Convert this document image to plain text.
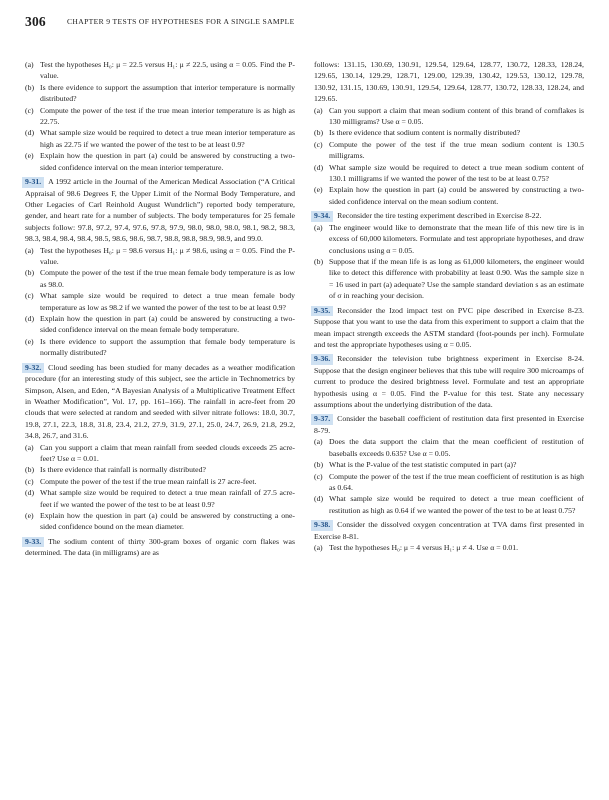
306	CHAPTER 9 TESTS OF HYPOTHESES FOR A SINGLE SAMPLE
(a) Test the hypotheses H₀: μ = 22.5 versus H₁: μ ≠ 22.5, using α = 0.05. Find the P-value.
(b) Is there evidence to support the assumption that interior temperature is normally distributed?
(c) Compute the power of the test if the true mean interior temperature is as high as 22.75.
(d) What sample size would be required to detect a true mean interior temperature as high as 22.75 if we wanted the power of the test to be at least 0.9?
(e) Explain how the question in part (a) could be answered by constructing a two-sided confidence interval on the mean interior temperature.
9-31. A 1992 article in the Journal of the American Medical Association (“A Critical Appraisal of 98.6 Degrees F, the Upper Limit of the Normal Body Temperature, and Other Legacies of Carl Reinhold August Wundrlich”) reported body temperature, gender, and heart rate for a number of subjects. The body temperatures for 25 female subjects follow: 97.8, 97.2, 97.4, 97.6, 97.8, 97.9, 98.0, 98.0, 98.0, 98.1, 98.2, 98.3, 98.3, 98.4, 98.4, 98.4, 98.5, 98.6, 98.6, 98.7, 98.8, 98.8, 98.9, 98.9, and 99.0.

(a) Test the hypotheses H₀: μ = 98.6 versus H₁: μ ≠ 98.6, using α = 0.05. Find the P-value.
(b) Compute the power of the test if the true mean female body temperature is as low as 98.0.
(c) What sample size would be required to detect a true mean female body temperature as low as 98.2 if we wanted the power of the test to be at least 0.9?
(d) Explain how the question in part (a) could be answered by constructing a two-sided confidence interval on the mean female body temperature.
(e) Is there evidence to support the assumption that female body temperature is normally distributed?
9-32. Cloud seeding has been studied for many decades as a weather modification procedure (for an interesting study of this subject, see the article in Technometrics by Simpson, Alsen, and Eden, “A Bayesian Analysis of a Multiplicative Treatment Effect in Weather Modification”, Vol. 17, pp. 161–166). The rainfall in acre-feet from 20 clouds that were selected at random and seeded with silver nitrate follows: 18.0, 30.7, 19.8, 27.1, 22.3, 18.8, 31.8, 23.4, 21.2, 27.9, 31.9, 27.1, 25.0, 24.7, 26.9, 21.8, 29.2, 34.8, 26.7, and 31.6.

(a) Can you support a claim that mean rainfall from seeded clouds exceeds 25 acre-feet? Use α = 0.01.
(b) Is there evidence that rainfall is normally distributed?
(c) Compute the power of the test if the true mean rainfall is 27 acre-feet.
(d) What sample size would be required to detect a true mean rainfall of 27.5 acre-feet if we wanted the power of the test to be at least 0.9?
(e) Explain how the question in part (a) could be answered by constructing a one-sided confidence bound on the mean diameter.
9-33. The sodium content of thirty 300-gram boxes of organic corn flakes was determined. The data (in milligrams) are as

follows: 131.15, 130.69, 130.91, 129.54, 129.64, 128.77, 130.72, 128.33, 128.24, 129.65, 130.14, 129.29, 128.71, 129.00, 129.39, 130.42, 129.53, 130.12, 129.78, 130.92, 131.15, 130.69, 130.91, 129.54, 129.64, 128.77, 130.72, 128.33, 128.24, and 129.65.

(a) Can you support a claim that mean sodium content of this brand of cornflakes is 130 milligrams? Use α = 0.05.
(b) Is there evidence that sodium content is normally distributed?
(c) Compute the power of the test if the true mean sodium content is 130.5 milligrams.
(d) What sample size would be required to detect a true mean sodium content of 130.1 milligrams if we wanted the power of the test to be at least 0.75?
(e) Explain how the question in part (a) could be answered by constructing a two-sided confidence interval on the mean sodium content.
9-34. Reconsider the tire testing experiment described in Exercise 8-22.

(a) The engineer would like to demonstrate that the mean life of this new tire is in excess of 60,000 kilometers. Formulate and test appropriate hypotheses, and draw conclusions using α = 0.05.
(b) Suppose that if the mean life is as long as 61,000 kilometers, the engineer would like to detect this difference with probability at least 0.90. Was the sample size n = 16 used in part (a) adequate? Use the sample standard deviation s as an estimate of σ in reaching your decision.
9-35. Reconsider the Izod impact test on PVC pipe described in Exercise 8-23. Suppose that you want to use the data from this experiment to support a claim that the mean impact strength exceeds the ASTM standard (foot-pounds per inch). Formulate and test the appropriate hypotheses using α = 0.05.

9-36. Reconsider the television tube brightness experiment in Exercise 8-24. Suppose that the design engineer believes that this tube will require 300 microamps of current to produce the desired brightness level. Formulate and test an appropriate hypothesis using α = 0.05. Find the P-value for this test. State any necessary assumptions about the underlying distribution of the data.

9-37. Consider the baseball coefficient of restitution data first presented in Exercise 8-79.

(a) Does the data support the claim that the mean coefficient of restitution of baseballs exceeds 0.635? Use α = 0.05.
(b) What is the P-value of the test statistic computed in part (a)?
(c) Compute the power of the test if the true mean coefficient of restitution is as high as 0.64.
(d) What sample size would be required to detect a true mean coefficient of restitution as high as 0.64 if we wanted the power of the test to be at least 0.75?
9-38. Consider the dissolved oxygen concentration at TVA dams first presented in Exercise 8-81.

(a) Test the hypotheses H₀: μ = 4 versus H₁: μ ≠ 4. Use α = 0.01.
